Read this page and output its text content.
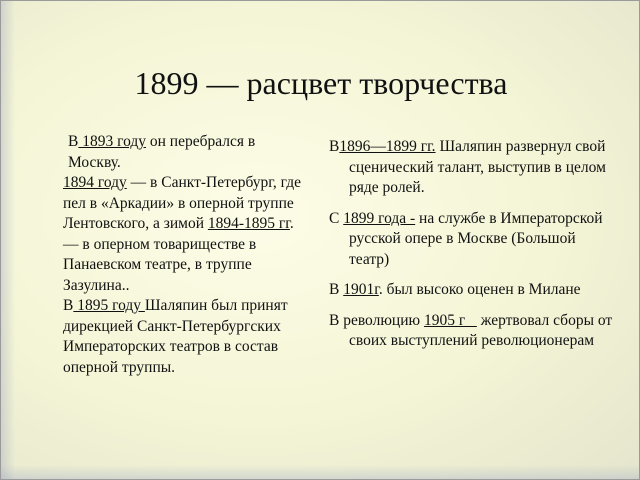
1899 — расцвет творчества

В 1893 году он перебрался в Москву.

1894 году — в Санкт-Петербург, где пел в «Аркадии» в оперной труппе Лентовского, а зимой 1894-1895 гг. — в оперном товариществе в Панаевском театре, в труппе Зазулина..

В 1895 году Шаляпин был принят дирекцией Санкт-Петербургских Императорских театров в состав оперной труппы.

В1896—1899 гг. Шаляпин развернул свой сценический талант, выступив в целом ряде ролей.

С 1899 года - на службе в Императорской русской опере в Москве (Большой театр)

В 1901г. был высоко оценен в Милане

В революцию 1905 г    жертвовал сборы от своих выступлений революционерам
